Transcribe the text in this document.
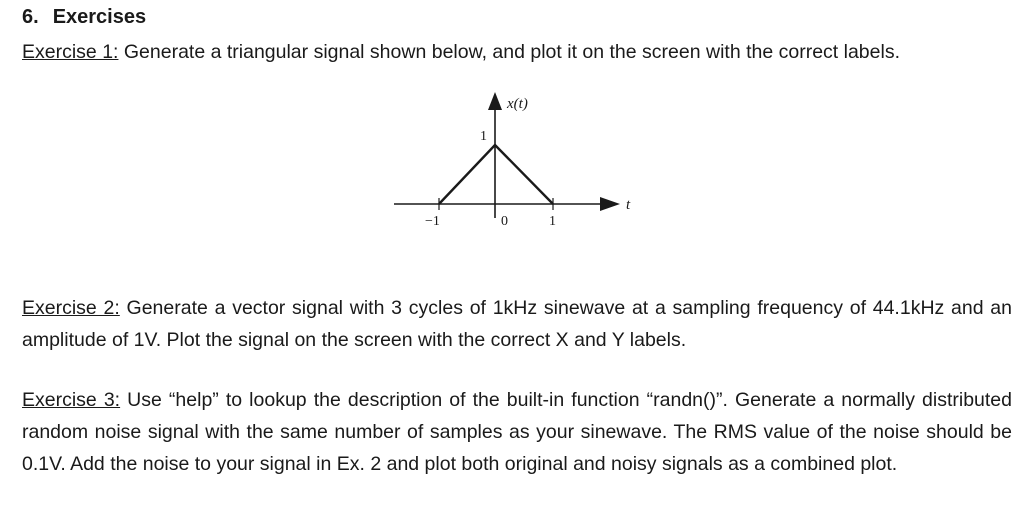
6. Exercises

Exercise 1: Generate a triangular signal shown below, and plot it on the screen with the correct labels.

x(t)
1
t
−1	0	1

Exercise 2: Generate a vector signal with 3 cycles of 1kHz sinewave at a sampling frequency of 44.1kHz and an amplitude of 1V. Plot the signal on the screen with the correct X and Y labels.

Exercise 3: Use “help” to lookup the description of the built-in function “randn()”. Generate a normally distributed random noise signal with the same number of samples as your sinewave. The RMS value of the noise should be 0.1V. Add the noise to your signal in Ex. 2 and plot both original and noisy signals as a combined plot.
